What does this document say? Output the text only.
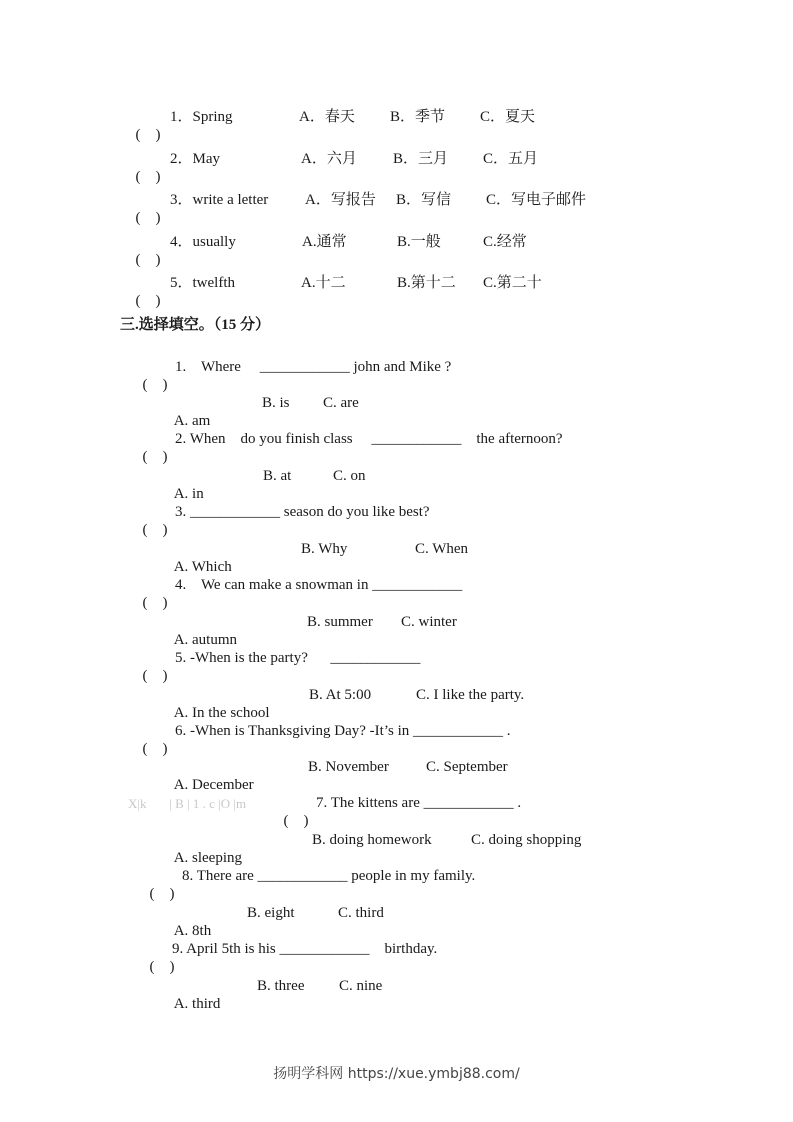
(    )

1．Spring

	A．春天

B．季节

C．夏天

(    )

2．May

	A．六月

B．三月

C．五月

(    )

3．write a letter

A．写报告

B．写信

C．写电子邮件

(    )

4．usually

	A.通常

	B.一般

	C.经常

(    )

5．twelfth

	A.十二

	B.第十二

C.第二十

三.选择填空。（15 分）

(    )

1.    Where     ____________ john and Mike ?

A. am

B. is

C. are

(    )

2. When    do you finish class     ____________    the afternoon?

A. in

B. at

	C. on

(    )

3. ____________ season do you like best?

A. Which

B. Why

	C. When

(    )

4.    We can make a snowman in ____________

A. autumn

B. summer

C. winter

(    )

5. -When is the party?      ____________

A. In the school

B. At 5:00

	C. I like the party.

(    )

6. -When is Thanksgiving Day? -It’s in ____________ .

A. December

B. November

C. September

X|k       | B | 1 . c |O |m

(    )

7. The kittens are ____________ .

A. sleeping

B. doing homework

	C. doing shopping

(    )

8. There are ____________ people in my family.

A. 8th

B. eight

	C. third

(    )

9. April 5th is his ____________    birthday.

A. third

B. three

C. nine

扬明学科网 https://xue.ymbj88.com/
